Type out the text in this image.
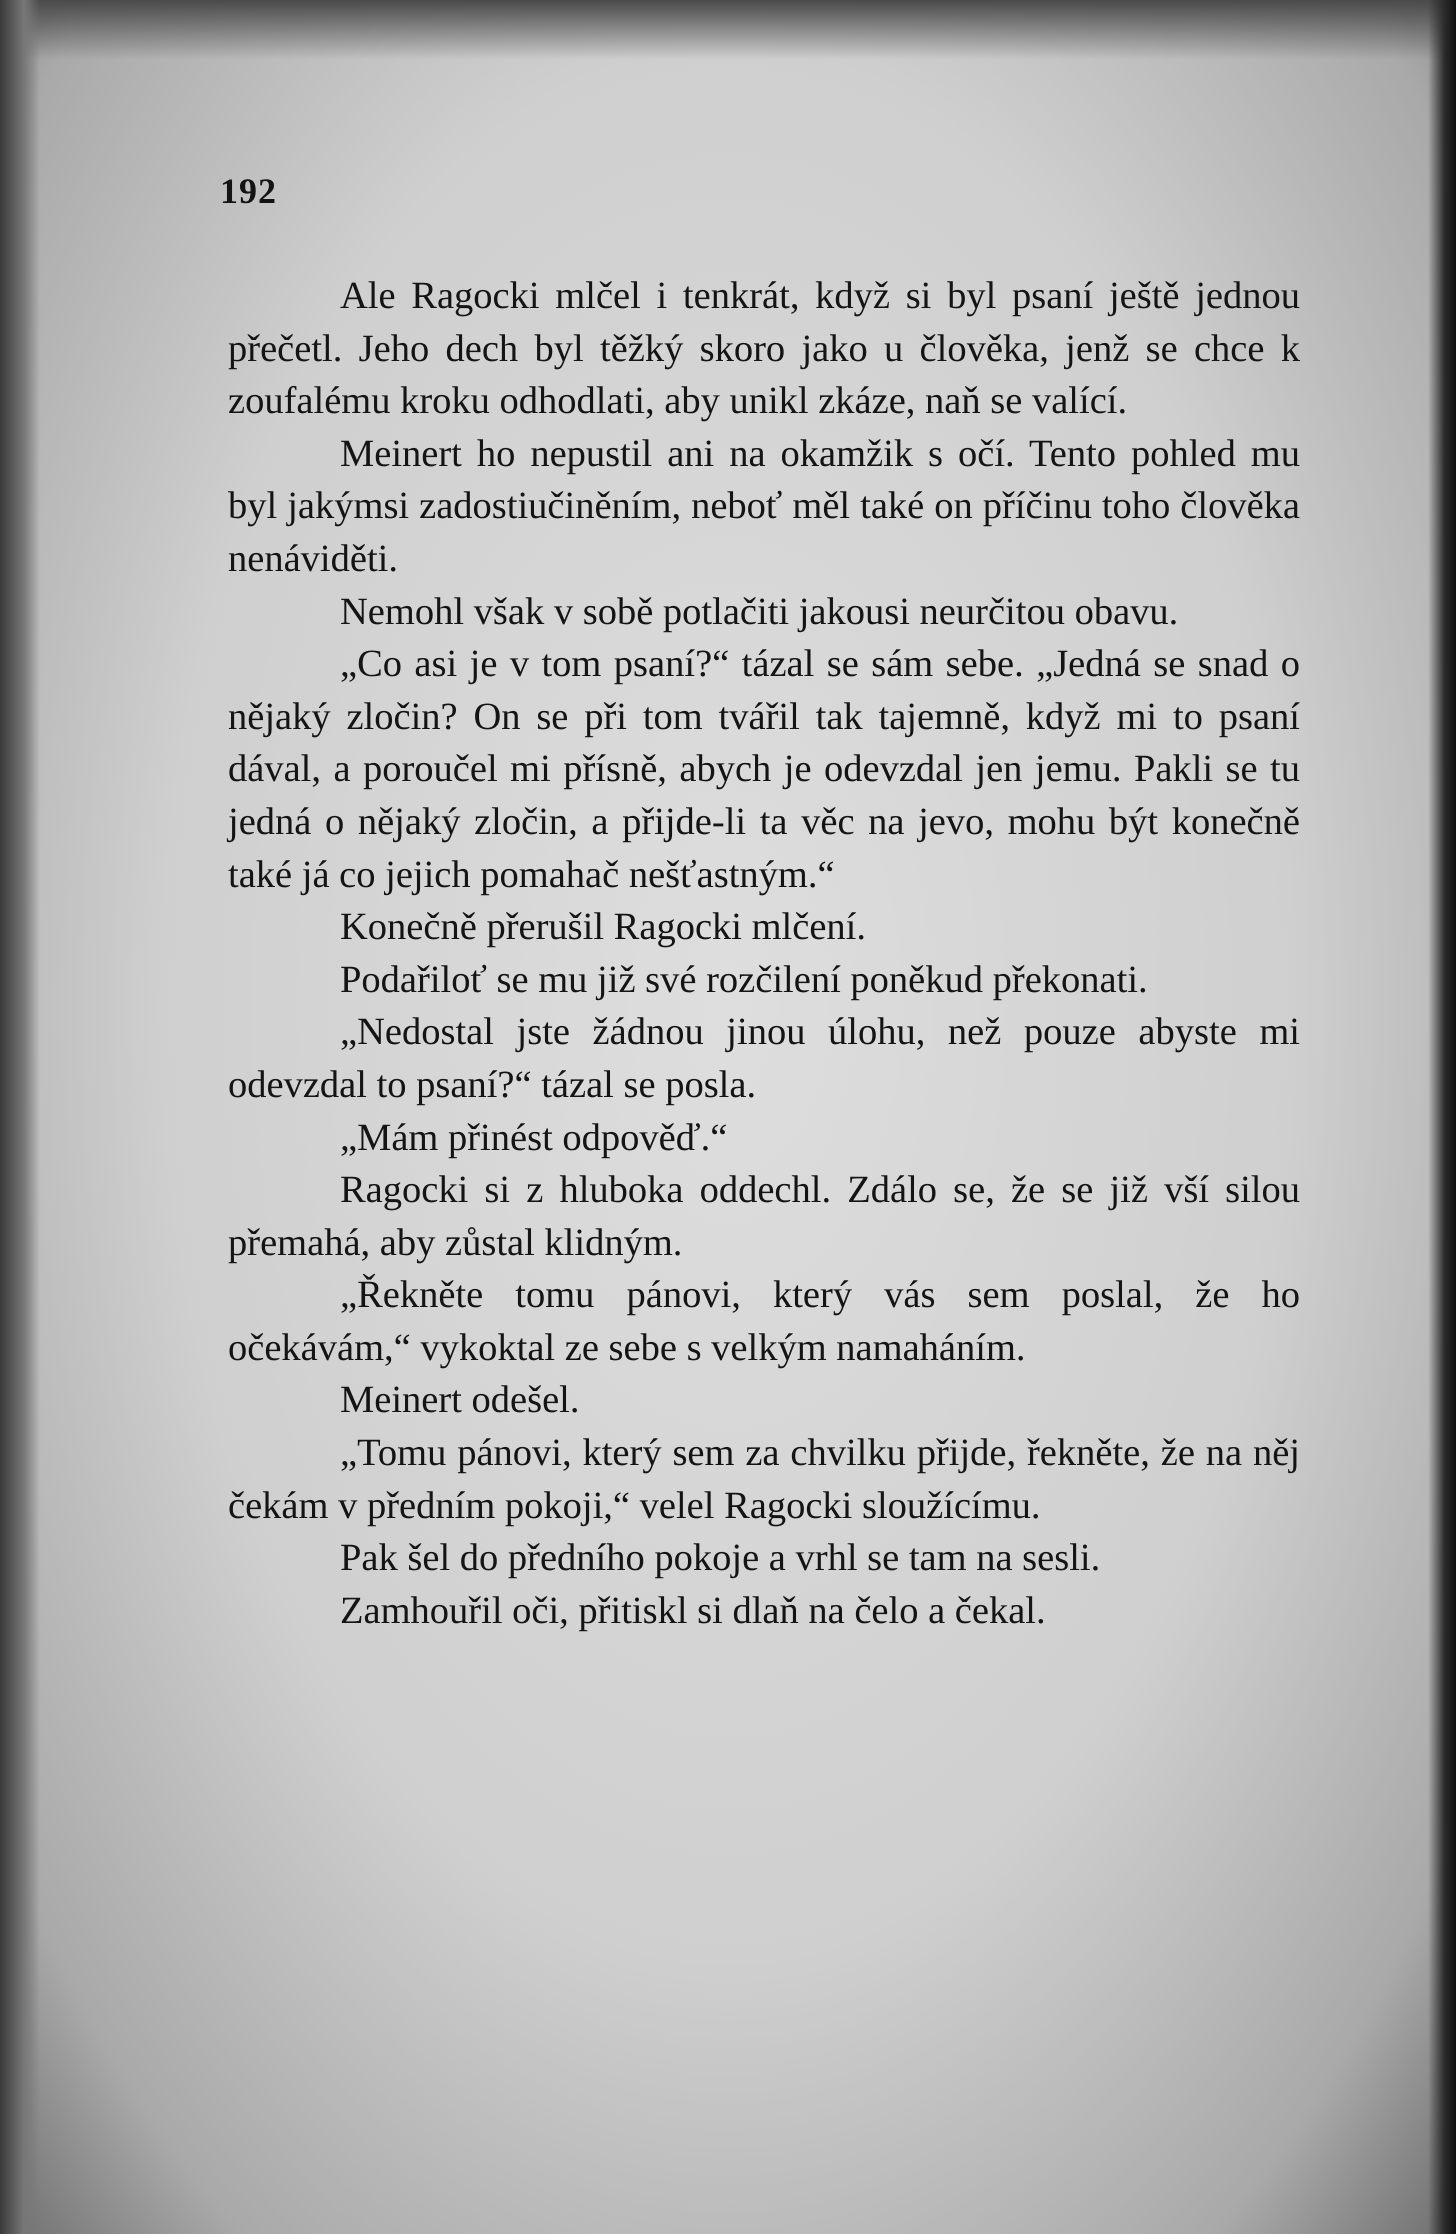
192

Ale Ragocki mlčel i tenkrát, když si byl psaní ještě jednou přečetl. Jeho dech byl těžký skoro jako u člověka, jenž se chce k zoufalému kroku odhodlati, aby unikl zkáze, naň se valící.

Meinert ho nepustil ani na okamžik s očí. Tento pohled mu byl jakýmsi zadostiučiněním, neboť měl také on příčinu toho člověka nenáviděti.

Nemohl však v sobě potlačiti jakousi neurčitou obavu.

„Co asi je v tom psaní?“ tázal se sám sebe. „Jedná se snad o nějaký zločin? On se při tom tvářil tak tajemně, když mi to psaní dával, a poroučel mi přísně, abych je odevzdal jen jemu. Pakli se tu jedná o nějaký zločin, a přijde-li ta věc na jevo, mohu být konečně také já co jejich pomahač nešťastným.“

Konečně přerušil Ragocki mlčení.

Podařiloť se mu již své rozčilení poněkud překonati.

„Nedostal jste žádnou jinou úlohu, než pouze abyste mi odevzdal to psaní?“ tázal se posla.

„Mám přinést odpověď.“

Ragocki si z hluboka oddechl. Zdálo se, že se již vší silou přemahá, aby zůstal klidným.

„Řekněte tomu pánovi, který vás sem poslal, že ho očekávám,“ vykoktal ze sebe s velkým namaháním.

Meinert odešel.

„Tomu pánovi, který sem za chvilku přijde, řekněte, že na něj čekám v předním pokoji,“ velel Ragocki sloužícímu.

Pak šel do předního pokoje a vrhl se tam na sesli.

Zamhouřil oči, přitiskl si dlaň na čelo a čekal.
